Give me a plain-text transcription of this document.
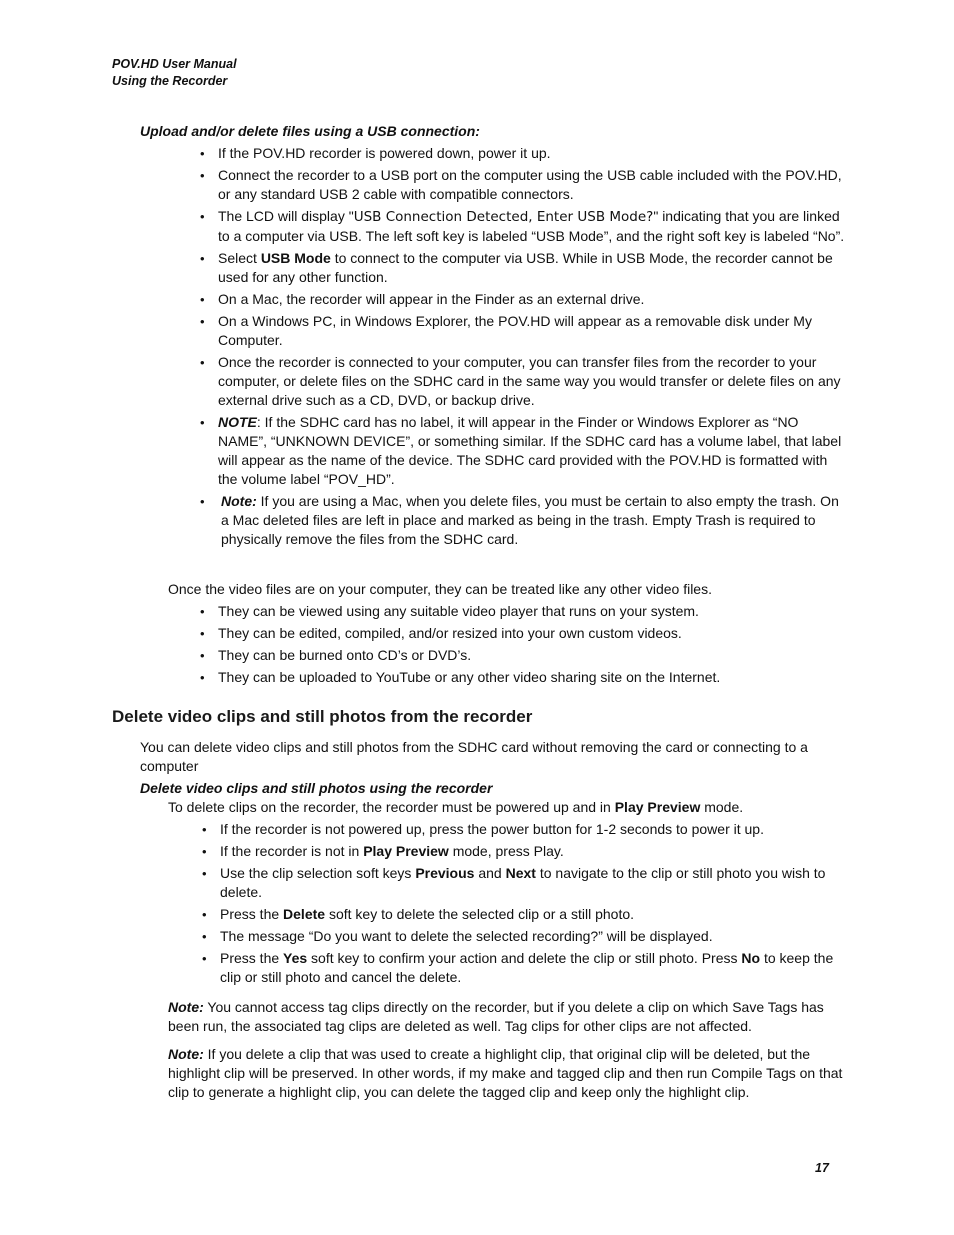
POV.HD User Manual
Using the Recorder

Upload and/or delete files using a USB connection:

• If the POV.HD recorder is powered down, power it up.
• Connect the recorder to a USB port on the computer using the USB cable included with the POV.HD, or any standard USB 2 cable with compatible connectors.
• The LCD will display "USB Connection Detected, Enter USB Mode?" indicating that you are linked to a computer via USB. The left soft key is labeled “USB Mode”, and the right soft key is labeled “No”.
• Select USB Mode to connect to the computer via USB. While in USB Mode, the recorder cannot be used for any other function.
• On a Mac, the recorder will appear in the Finder as an external drive.
• On a Windows PC, in Windows Explorer, the POV.HD will appear as a removable disk under My Computer.
• Once the recorder is connected to your computer, you can transfer files from the recorder to your computer, or delete files on the SDHC card in the same way you would transfer or delete files on any external drive such as a CD, DVD, or backup drive.
• NOTE: If the SDHC card has no label, it will appear in the Finder or Windows Explorer as “NO NAME”, “UNKNOWN DEVICE”, or something similar. If the SDHC card has a volume label, that label will appear as the name of the device. The SDHC card provided with the POV.HD is formatted with the volume label “POV_HD”.
• Note: If you are using a Mac, when you delete files, you must be certain to also empty the trash. On a Mac deleted files are left in place and marked as being in the trash. Empty Trash is required to physically remove the files from the SDHC card.

Once the video files are on your computer, they can be treated like any other video files.

• They can be viewed using any suitable video player that runs on your system.
• They can be edited, compiled, and/or resized into your own custom videos.
• They can be burned onto CD’s or DVD’s.
• They can be uploaded to YouTube or any other video sharing site on the Internet.
Delete video clips and still photos from the recorder

You can delete video clips and still photos from the SDHC card without removing the card or connecting to a computer

Delete video clips and still photos using the recorder

To delete clips on the recorder, the recorder must be powered up and in Play Preview mode.

• If the recorder is not powered up, press the power button for 1-2 seconds to power it up.
• If the recorder is not in Play Preview mode, press Play.
• Use the clip selection soft keys Previous and Next to navigate to the clip or still photo you wish to delete.
• Press the Delete soft key to delete the selected clip or a still photo.
• The message “Do you want to delete the selected recording?” will be displayed.
• Press the Yes soft key to confirm your action and delete the clip or still photo. Press No to keep the clip or still photo and cancel the delete.

Note: You cannot access tag clips directly on the recorder, but if you delete a clip on which Save Tags has been run, the associated tag clips are deleted as well. Tag clips for other clips are not affected.

Note: If you delete a clip that was used to create a highlight clip, that original clip will be deleted, but the highlight clip will be preserved. In other words, if my make and tagged clip and then run Compile Tags on that clip to generate a highlight clip, you can delete the tagged clip and keep only the highlight clip.

17
